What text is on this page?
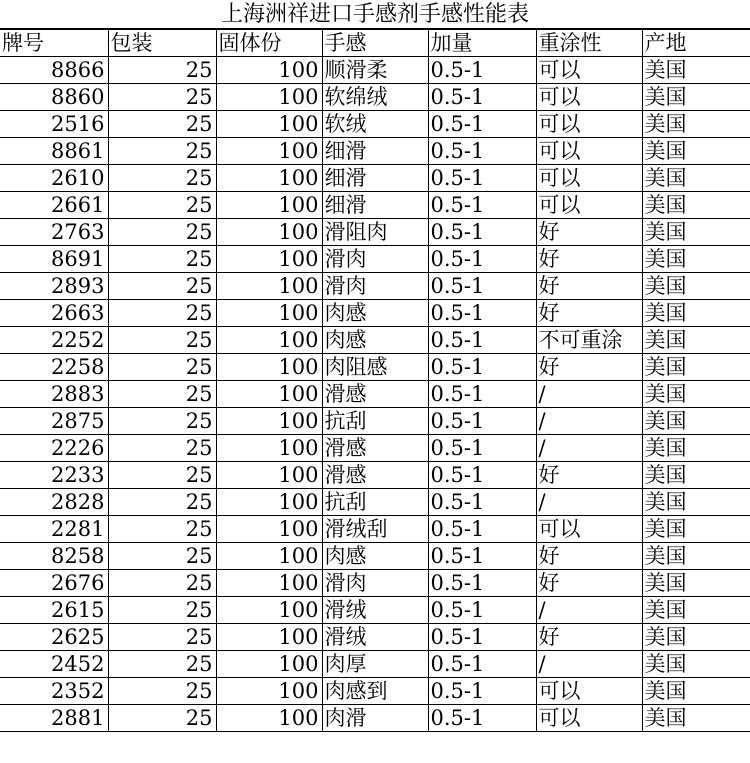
上海洲祥进口手感剂手感性能表
牌号	包装	固体份	手感	加量	重涂性	产地
8866	25	100	顺滑柔	0.5-1	可以	美国
8860	25	100	软绵绒	0.5-1	可以	美国
2516	25	100	软绒	0.5-1	可以	美国
8861	25	100	细滑	0.5-1	可以	美国
2610	25	100	细滑	0.5-1	可以	美国
2661	25	100	细滑	0.5-1	可以	美国
2763	25	100	滑阻肉	0.5-1	好	美国
8691	25	100	滑肉	0.5-1	好	美国
2893	25	100	滑肉	0.5-1	好	美国
2663	25	100	肉感	0.5-1	好	美国
2252	25	100	肉感	0.5-1	不可重涂	美国
2258	25	100	肉阻感	0.5-1	好	美国
2883	25	100	滑感	0.5-1	/	美国
2875	25	100	抗刮	0.5-1	/	美国
2226	25	100	滑感	0.5-1	/	美国
2233	25	100	滑感	0.5-1	好	美国
2828	25	100	抗刮	0.5-1	/	美国
2281	25	100	滑绒刮	0.5-1	可以	美国
8258	25	100	肉感	0.5-1	好	美国
2676	25	100	滑肉	0.5-1	好	美国
2615	25	100	滑绒	0.5-1	/	美国
2625	25	100	滑绒	0.5-1	好	美国
2452	25	100	肉厚	0.5-1	/	美国
2352	25	100	肉感到	0.5-1	可以	美国
2881	25	100	肉滑	0.5-1	可以	美国
